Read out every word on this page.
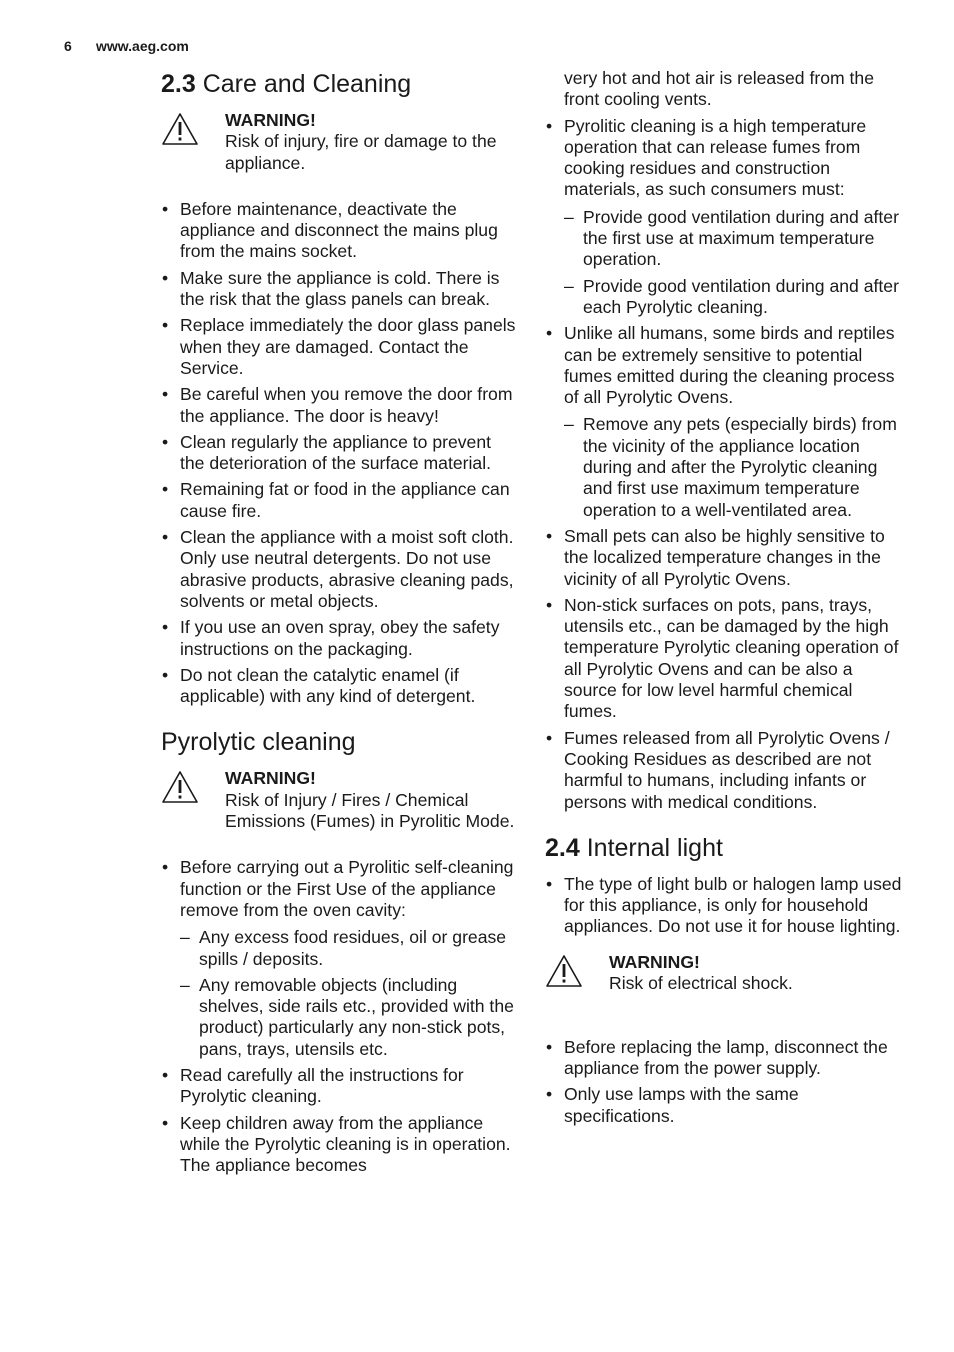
6 www.aeg.com
2.3 Care and Cleaning
WARNING!
Risk of injury, fire or damage to the appliance.
• Before maintenance, deactivate the appliance and disconnect the mains plug from the mains socket.
• Make sure the appliance is cold. There is the risk that the glass panels can break.
• Replace immediately the door glass panels when they are damaged. Contact the Service.
• Be careful when you remove the door from the appliance. The door is heavy!
• Clean regularly the appliance to prevent the deterioration of the surface material.
• Remaining fat or food in the appliance can cause fire.
• Clean the appliance with a moist soft cloth. Only use neutral detergents. Do not use abrasive products, abrasive cleaning pads, solvents or metal objects.
• If you use an oven spray, obey the safety instructions on the packaging.
• Do not clean the catalytic enamel (if applicable) with any kind of detergent.
Pyrolytic cleaning
WARNING!
Risk of Injury / Fires / Chemical Emissions (Fumes) in Pyrolitic Mode.
• Before carrying out a Pyrolitic self-cleaning function or the First Use of the appliance remove from the oven cavity:
– Any excess food residues, oil or grease spills / deposits.
– Any removable objects (including shelves, side rails etc., provided with the product) particularly any non-stick pots, pans, trays, utensils etc.
• Read carefully all the instructions for Pyrolytic cleaning.
• Keep children away from the appliance while the Pyrolytic cleaning is in operation. The appliance becomes
very hot and hot air is released from the front cooling vents.
• Pyrolitic cleaning is a high temperature operation that can release fumes from cooking residues and construction materials, as such consumers must:
– Provide good ventilation during and after the first use at maximum temperature operation.
– Provide good ventilation during and after each Pyrolytic cleaning.
• Unlike all humans, some birds and reptiles can be extremely sensitive to potential fumes emitted during the cleaning process of all Pyrolytic Ovens.
– Remove any pets (especially birds) from the vicinity of the appliance location during and after the Pyrolytic cleaning and first use maximum temperature operation to a well-ventilated area.
• Small pets can also be highly sensitive to the localized temperature changes in the vicinity of all Pyrolytic Ovens.
• Non-stick surfaces on pots, pans, trays, utensils etc., can be damaged by the high temperature Pyrolytic cleaning operation of all Pyrolytic Ovens and can be also a source for low level harmful chemical fumes.
• Fumes released from all Pyrolytic Ovens / Cooking Residues as described are not harmful to humans, including infants or persons with medical conditions.
2.4 Internal light
• The type of light bulb or halogen lamp used for this appliance, is only for household appliances. Do not use it for house lighting.
WARNING!
Risk of electrical shock.
• Before replacing the lamp, disconnect the appliance from the power supply.
• Only use lamps with the same specifications.
